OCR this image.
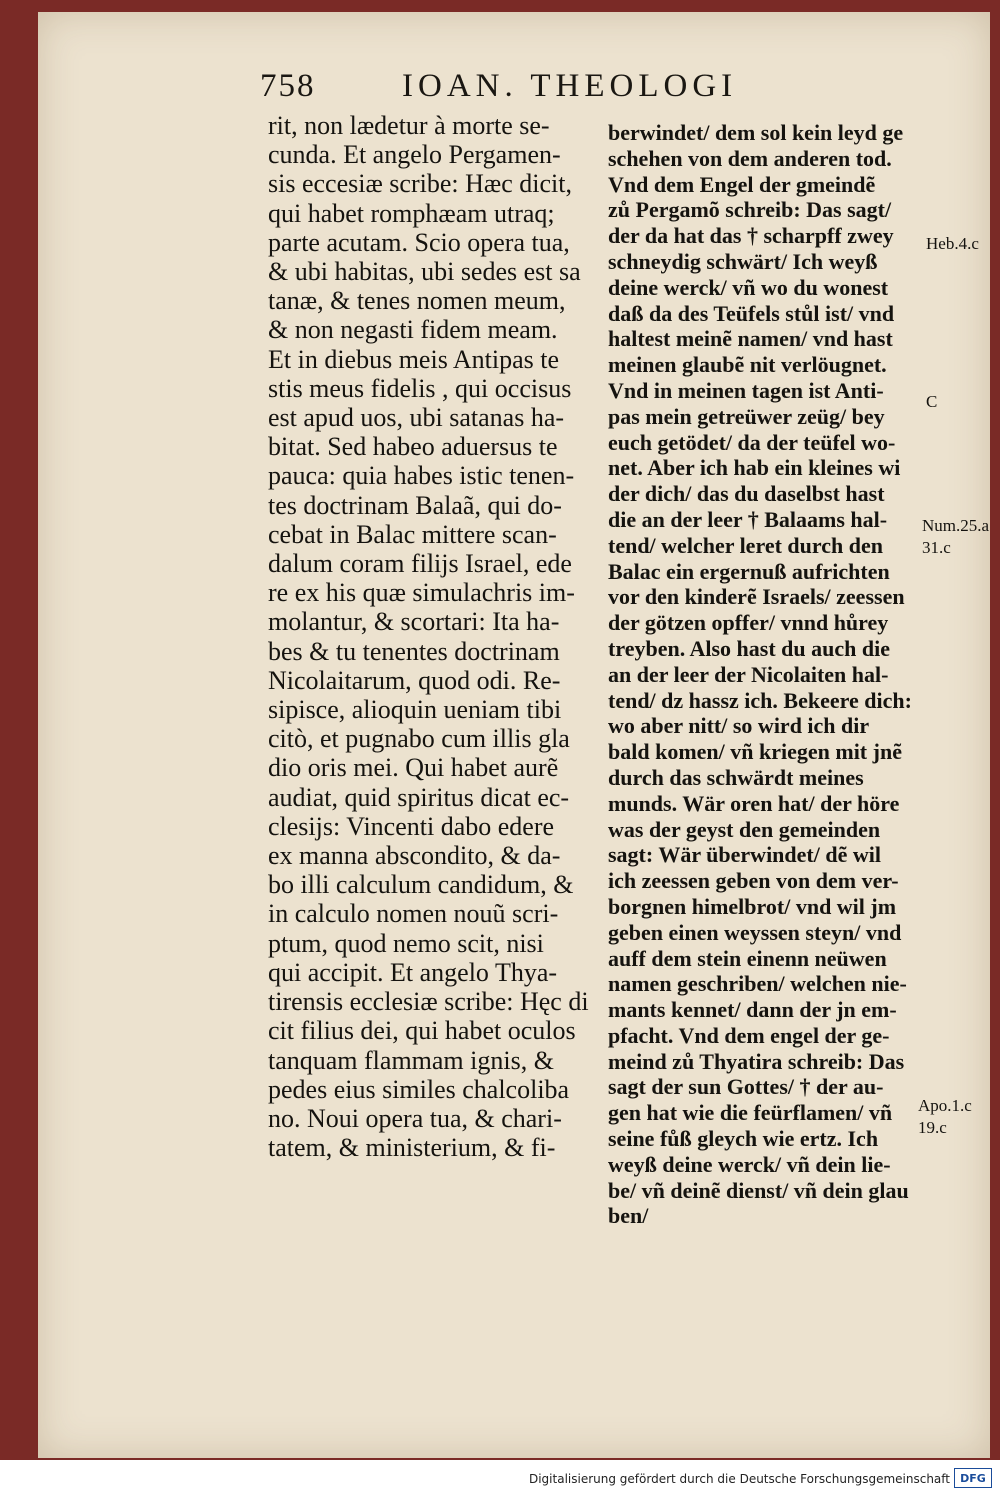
758	IOAN. THEOLOGI
rit, non lædetur à morte se-
cunda. Et angelo Pergamen-
sis eccesiæ scribe: Hæc dicit,
qui habet romphæam utraq;
parte acutam. Scio opera tua,
& ubi habitas, ubi sedes est sa
tanæ, & tenes nomen meum,
& non negasti fidem meam.
Et in diebus meis Antipas te
stis meus fidelis , qui occisus
est apud uos, ubi satanas ha-
bitat. Sed habeo aduersus te
pauca: quia habes istic tenen-
tes doctrinam Balaã, qui do-
cebat in Balac mittere scan-
dalum coram filijs Israel, ede
re ex his quæ simulachris im-
molantur, & scortari: Ita ha-
bes & tu tenentes doctrinam
Nicolaitarum, quod odi. Re-
sipisce, alioquin ueniam tibi
citò, et pugnabo cum illis gla
dio oris mei. Qui habet aurẽ
audiat, quid spiritus dicat ec-
clesijs: Vincenti dabo edere
ex manna abscondito, & da-
bo illi calculum candidum, &
in calculo nomen nouũ scri-
ptum, quod nemo scit, nisi
qui accipit. Et angelo Thya-
tirensis ecclesiæ scribe: Hęc di
cit filius dei, qui habet oculos
tanquam flammam ignis, &
pedes eius similes chalcoliba
no. Noui opera tua, & chari-
tatem, & ministerium, & fi-
berwindet/ dem sol kein leyd ge
schehen von dem anderen tod.
Vnd dem Engel der gmeindẽ
zů Pergamõ schreib: Das sagt/
der da hat das † scharpff zwey
schneydig schwärt/ Ich weyß
deine werck/ vñ wo du wonest
daß da des Teüfels stůl ist/ vnd
haltest meinẽ namen/ vnd hast
meinen glaubẽ nit verlöugnet.
Vnd in meinen tagen ist Anti-
pas mein getreüwer zeüg/ bey
euch getödet/ da der teüfel wo-
net. Aber ich hab ein kleines wi
der dich/ das du daselbst hast
die an der leer † Balaams hal-
tend/ welcher leret durch den
Balac ein ergernuß aufrichten
vor den kinderẽ Israels/ zeessen
der götzen opffer/ vnnd hůrey
treyben. Also hast du auch die
an der leer der Nicolaiten hal-
tend/ dz hassz ich. Bekeere dich:
wo aber nitt/ so wird ich dir
bald komen/ vñ kriegen mit jnẽ
durch das schwärdt meines
munds. Wär oren hat/ der höre
was der geyst den gemeinden
sagt: Wär überwindet/ dẽ wil
ich zeessen geben von dem ver-
borgnen himelbrot/ vnd wil jm
geben einen weyssen steyn/ vnd
auff dem stein einenn neüwen
namen geschriben/ welchen nie-
mants kennet/ dann der jn em-
pfacht. Vnd dem engel der ge-
meind zů Thyatira schreib: Das
sagt der sun Gottes/ † der au-
gen hat wie die feürflamen/ vñ
seine fůß gleych wie ertz. Ich
weyß deine werck/ vñ dein lie-
be/ vñ deinẽ dienst/ vñ dein glau
ben/
Heb.4.c
C
Num.25.a
31.c
Apo.1.c
19.c
Digitalisierung gefördert durch die Deutsche Forschungsgemeinschaft DFG
